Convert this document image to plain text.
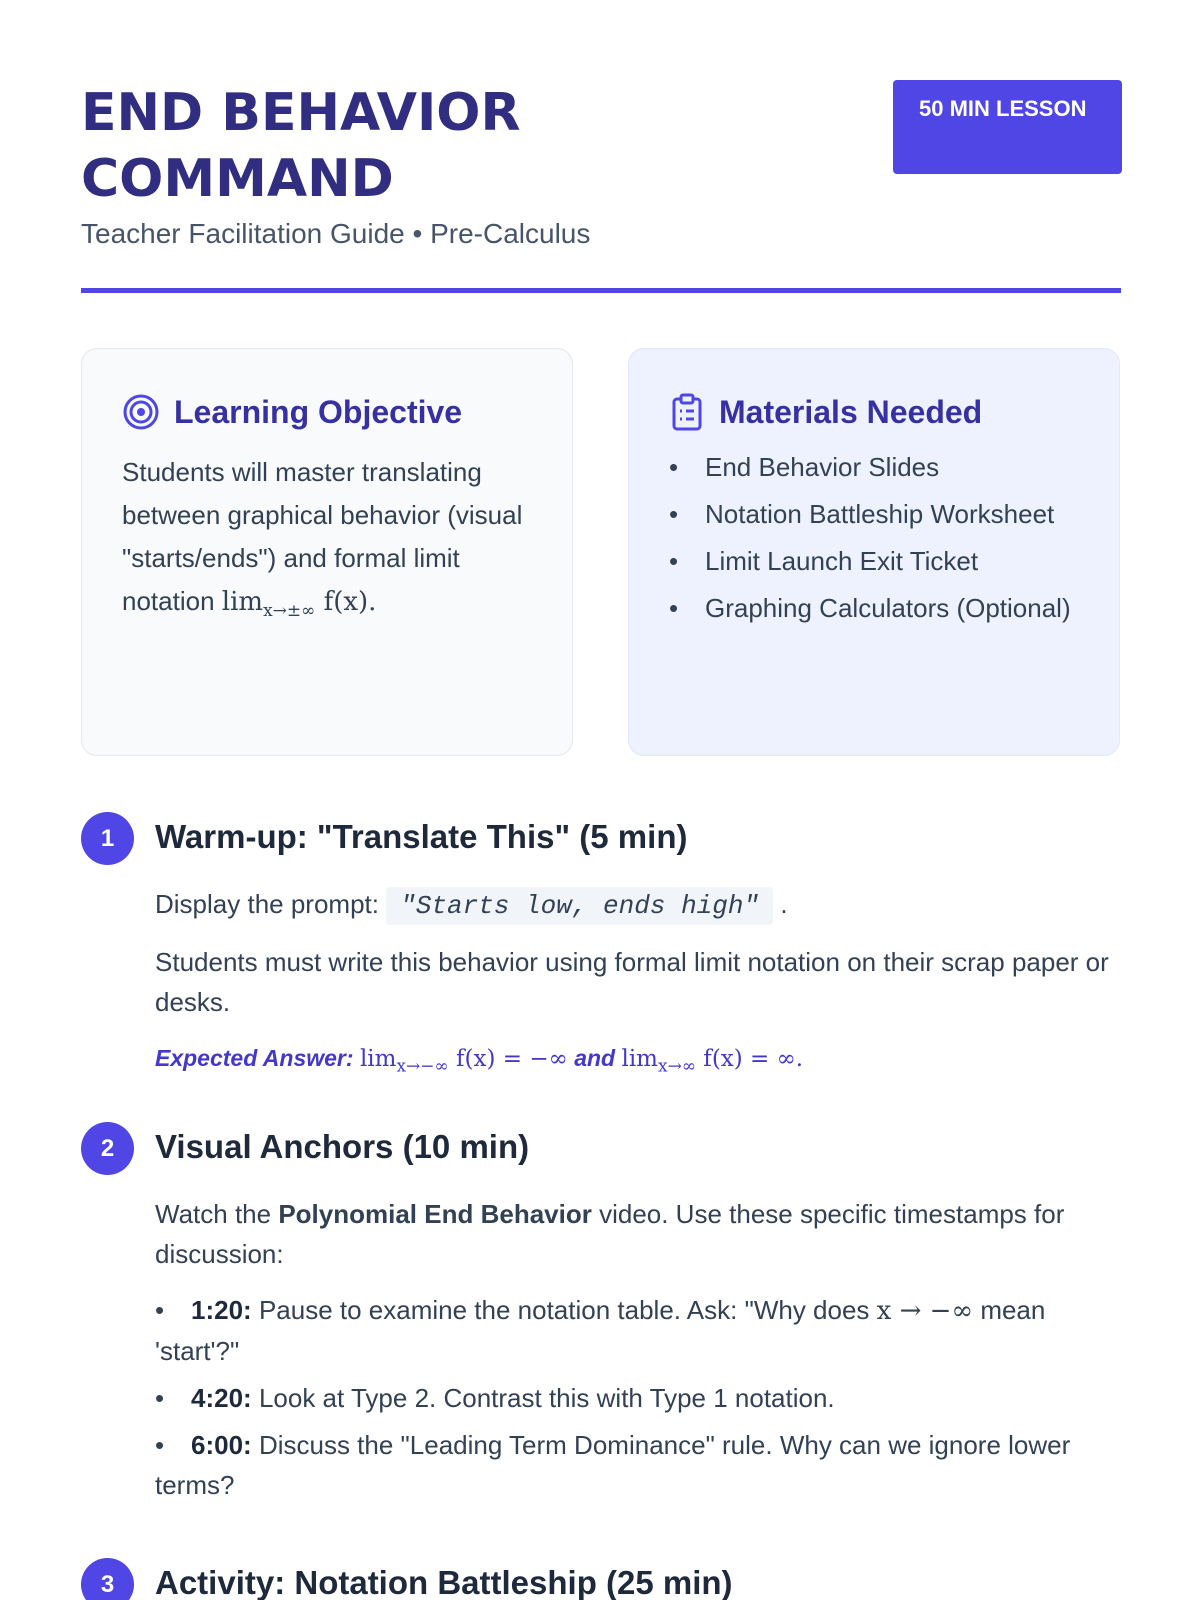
END BEHAVIOR COMMAND
Teacher Facilitation Guide • Pre-Calculus
50 MIN LESSON
Learning Objective
Students will master translating between graphical behavior (visual "starts/ends") and formal limit notation $\lim_{x\to\pm\infty} f(x)$.
Materials Needed
• End Behavior Slides
• Notation Battleship Worksheet
• Limit Launch Exit Ticket
• Graphing Calculators (Optional)
1	Warm-up: "Translate This" (5 min)

Display the prompt: "Starts low, ends high" .

Students must write this behavior using formal limit notation on their scrap paper or desks.

Expected Answer: $\lim_{x\to-\infty} f(x)$ = −∞ and $\lim_{x\to\infty} f(x)$ = ∞.

2	Visual Anchors (10 min)

Watch the Polynomial End Behavior video. Use these specific timestamps for discussion:

• 1:20: Pause to examine the notation table. Ask: "Why does x → −∞ mean 'start'?"
• 4:20: Look at Type 2. Contrast this with Type 1 notation.
• 6:00: Discuss the "Leading Term Dominance" rule. Why can we ignore lower terms?
3	Activity: Notation Battleship (25 min)
